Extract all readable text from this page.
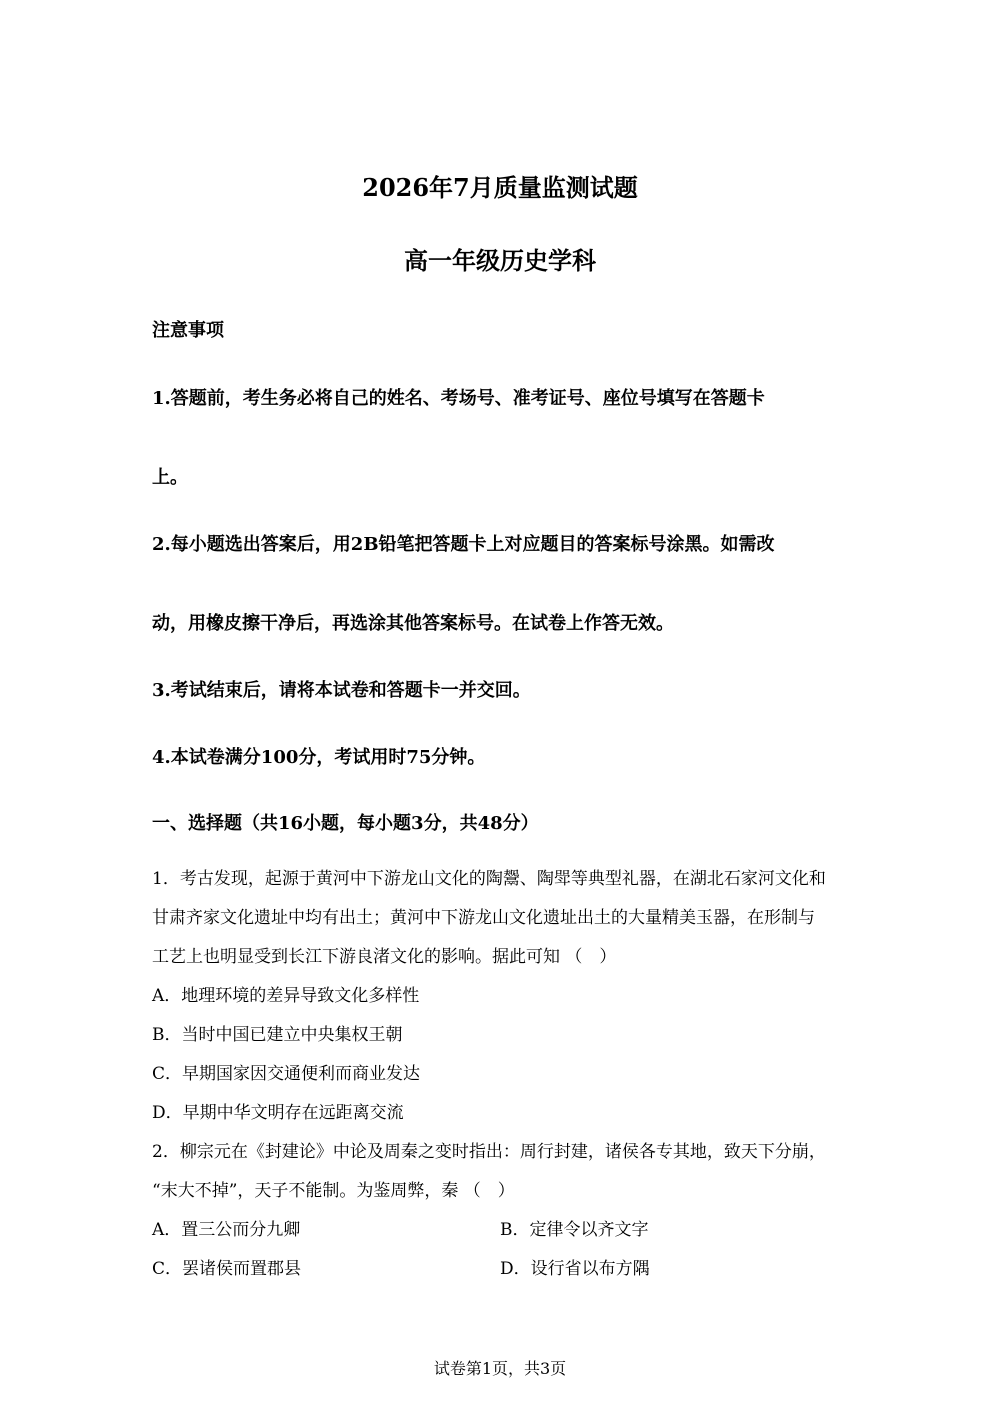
2026年7月质量监测试题
高一年级历史学科
注意事项
1.答题前，考生务必将自己的姓名、考场号、准考证号、座位号填写在答题卡
上。
2.每小题选出答案后，用2B铅笔把答题卡上对应题目的答案标号涂黑。如需改
动，用橡皮擦干净后，再选涂其他答案标号。在试卷上作答无效。
3.考试结束后，请将本试卷和答题卡一并交回。
4.本试卷满分100分，考试用时75分钟。
一、选择题（共16小题，每小题3分，共48分）
1．考古发现，起源于黄河中下游龙山文化的陶鬶、陶斝等典型礼器，在湖北石家河文化和
甘肃齐家文化遗址中均有出土；黄河中下游龙山文化遗址出土的大量精美玉器，在形制与
工艺上也明显受到长江下游良渚文化的影响。据此可知 （　）
A．地理环境的差异导致文化多样性
B．当时中国已建立中央集权王朝
C．早期国家因交通便利而商业发达
D．早期中华文明存在远距离交流
2．柳宗元在《封建论》中论及周秦之变时指出：周行封建，诸侯各专其地，致天下分崩，
“末大不掉”，天子不能制。为鉴周弊，秦 （　）
A．置三公而分九卿	B．定律令以齐文字
C．罢诸侯而置郡县	D．设行省以布方隅
试卷第1页，共3页
